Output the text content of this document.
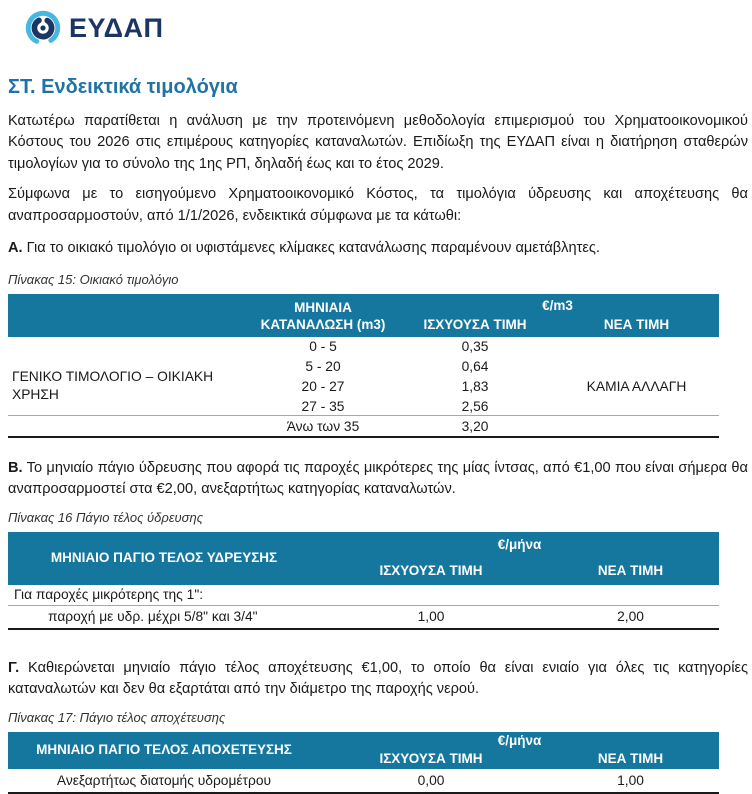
ΕΥΔΑΠ
ΣΤ. Ενδεικτικά τιμολόγια

Κατωτέρω παρατίθεται η ανάλυση με την προτεινόμενη μεθοδολογία επιμερισμού του Χρηματοοικονομικού Κόστους του 2026 στις επιμέρους κατηγορίες καταναλωτών. Επιδίωξη της ΕΥΔΑΠ είναι η διατήρηση σταθερών τιμολογίων για το σύνολο της 1ης ΡΠ, δηλαδή έως και το έτος 2029.

Σύμφωνα με το εισηγούμενο Χρηματοοικονομικό Κόστος, τα τιμολόγια ύδρευσης και αποχέτευσης θα αναπροσαρμοστούν, από 1/1/2026, ενδεικτικά σύμφωνα με τα κάτωθι:

Α. Για το οικιακό τιμολόγιο οι υφιστάμενες κλίμακες κατανάλωσης παραμένουν αμετάβλητες.

Πίνακας 15: Οικιακό τιμολόγιο

	ΜΗΝΙΑΙΑ ΚΑΤΑΝΑΛΩΣΗ (m3)	€/m3	
		ΙΣΧΥΟΥΣΑ ΤΙΜΗ	ΝΕΑ ΤΙΜΗ
ΓΕΝΙΚΟ ΤΙΜΟΛΟΓΙΟ – ΟΙΚΙΑΚΗ ΧΡΗΣΗ	0 - 5	0,35	ΚΑΜΙΑ ΑΛΛΑΓΗ
	5 - 20	0,64	
	20 - 27	1,83	
	27 - 35	2,56	
	Άνω των 35	3,20	

Β. Το μηνιαίο πάγιο ύδρευσης που αφορά τις παροχές μικρότερες της μίας ίντσας, από €1,00 που είναι σήμερα θα αναπροσαρμοστεί στα €2,00, ανεξαρτήτως κατηγορίας καταναλωτών.

Πίνακας 16 Πάγιο τέλος ύδρευσης

ΜΗΝΙΑΙΟ ΠΑΓΙΟ ΤΕΛΟΣ ΥΔΡΕΥΣΗΣ	€/μήνα	
	ΙΣΧΥΟΥΣΑ ΤΙΜΗ	ΝΕΑ ΤΙΜΗ
Για παροχές μικρότερης της 1":		
παροχή με υδρ. μέχρι 5/8" και 3/4"	1,00	2,00

Γ. Καθιερώνεται μηνιαίο πάγιο τέλος αποχέτευσης €1,00, το οποίο θα είναι ενιαίο για όλες τις κατηγορίες καταναλωτών και δεν θα εξαρτάται από την διάμετρο της παροχής νερού.

Πίνακας 17: Πάγιο τέλος αποχέτευσης

ΜΗΝΙΑΙΟ ΠΑΓΙΟ ΤΕΛΟΣ ΑΠΟΧΕΤΕΥΣΗΣ	€/μήνα	
	ΙΣΧΥΟΥΣΑ ΤΙΜΗ	ΝΕΑ ΤΙΜΗ
Ανεξαρτήτως διατομής υδρομέτρου	0,00	1,00
